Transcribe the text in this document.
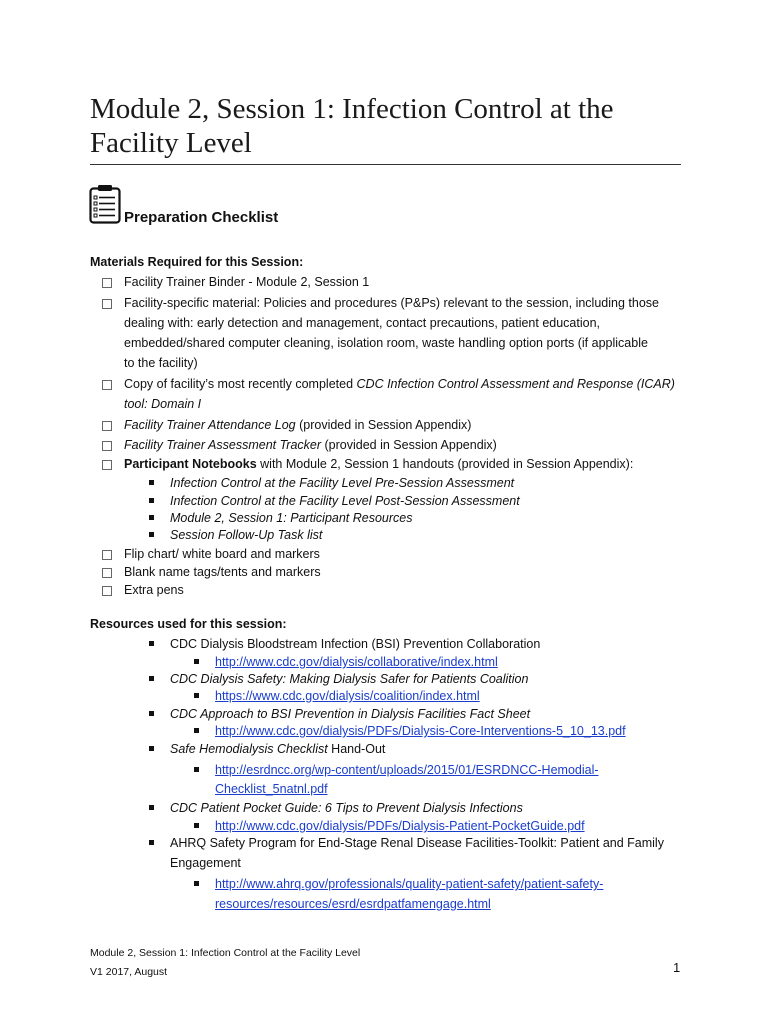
Module 2, Session 1: Infection Control at the
Facility Level
Preparation Checklist
Materials Required for this Session:
Facility Trainer Binder - Module 2, Session 1
Facility-specific material: Policies and procedures (P&Ps) relevant to the session, including those
dealing with: early detection and management, contact precautions, patient education,
embedded/shared computer cleaning, isolation room, waste handling option ports (if applicable
to the facility)
Copy of facility’s most recently completed CDC Infection Control Assessment and Response (ICAR)
tool: Domain I
Facility Trainer Attendance Log (provided in Session Appendix)
Facility Trainer Assessment Tracker (provided in Session Appendix)
Participant Notebooks with Module 2, Session 1 handouts (provided in Session Appendix):
Infection Control at the Facility Level Pre-Session Assessment
Infection Control at the Facility Level Post-Session Assessment
Module 2, Session 1: Participant Resources
Session Follow-Up Task list
Flip chart/ white board and markers
Blank name tags/tents and markers
Extra pens
Resources used for this session:
CDC Dialysis Bloodstream Infection (BSI) Prevention Collaboration
http://www.cdc.gov/dialysis/collaborative/index.html
CDC Dialysis Safety: Making Dialysis Safer for Patients Coalition
https://www.cdc.gov/dialysis/coalition/index.html
CDC Approach to BSI Prevention in Dialysis Facilities Fact Sheet
http://www.cdc.gov/dialysis/PDFs/Dialysis-Core-Interventions-5_10_13.pdf
Safe Hemodialysis Checklist Hand-Out
http://esrdncc.org/wp-content/uploads/2015/01/ESRDNCC-Hemodial-
Checklist_5natnl.pdf
CDC Patient Pocket Guide: 6 Tips to Prevent Dialysis Infections
http://www.cdc.gov/dialysis/PDFs/Dialysis-Patient-PocketGuide.pdf
AHRQ Safety Program for End-Stage Renal Disease Facilities-Toolkit: Patient and Family
Engagement
http://www.ahrq.gov/professionals/quality-patient-safety/patient-safety-
resources/resources/esrd/esrdpatfamengage.html
Module 2, Session 1: Infection Control at the Facility Level
V1 2017, August	1
